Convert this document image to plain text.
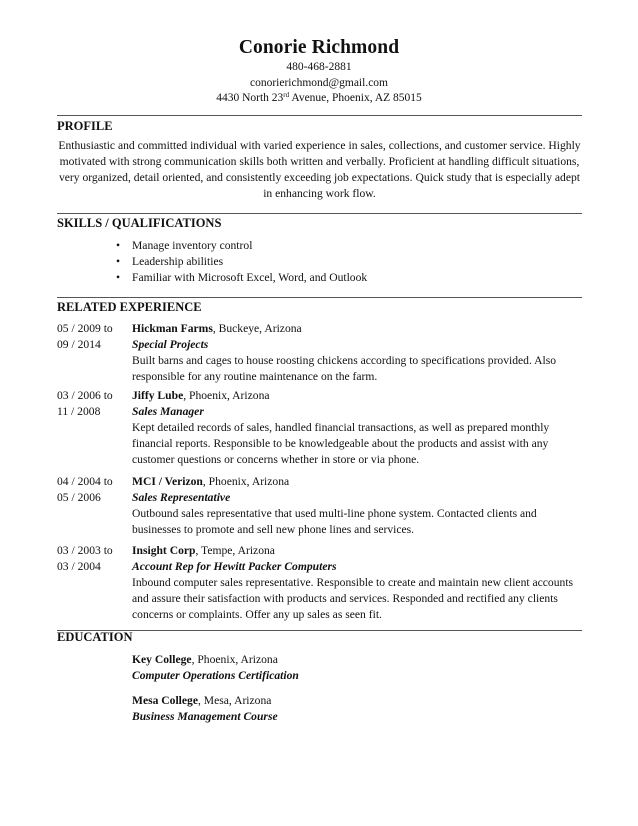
Conorie Richmond
480-468-2881
conorierichmond@gmail.com
4430 North 23rd Avenue, Phoenix, AZ 85015
PROFILE
Enthusiastic and committed individual with varied experience in sales, collections, and customer service. Highly motivated with strong communication skills both written and verbally. Proficient at handling difficult situations, very organized, detail oriented, and consistently exceeding job expectations. Quick study that is especially adept in enhancing work flow.
SKILLS / QUALIFICATIONS
• Manage inventory control
• Leadership abilities
• Familiar with Microsoft Excel, Word, and Outlook
RELATED EXPERIENCE
05 / 2009 to
09 / 2014
Hickman Farms, Buckeye, Arizona
Special Projects
Built barns and cages to house roosting chickens according to specifications provided. Also responsible for any routine maintenance on the farm.
03 / 2006 to
11 / 2008
Jiffy Lube, Phoenix, Arizona
Sales Manager
Kept detailed records of sales, handled financial transactions, as well as prepared monthly financial reports. Responsible to be knowledgeable about the products and assist with any customer questions or concerns whether in store or via phone.
04 / 2004 to
05 / 2006
MCI / Verizon, Phoenix, Arizona
Sales Representative
Outbound sales representative that used multi-line phone system. Contacted clients and businesses to promote and sell new phone lines and services.
03 / 2003 to
03 / 2004
Insight Corp, Tempe, Arizona
Account Rep for Hewitt Packer Computers
Inbound computer sales representative. Responsible to create and maintain new client accounts and assure their satisfaction with products and services. Responded and rectified any clients concerns or complaints. Offer any up sales as seen fit.
EDUCATION
Key College, Phoenix, Arizona
Computer Operations Certification
Mesa College, Mesa, Arizona
Business Management Course
